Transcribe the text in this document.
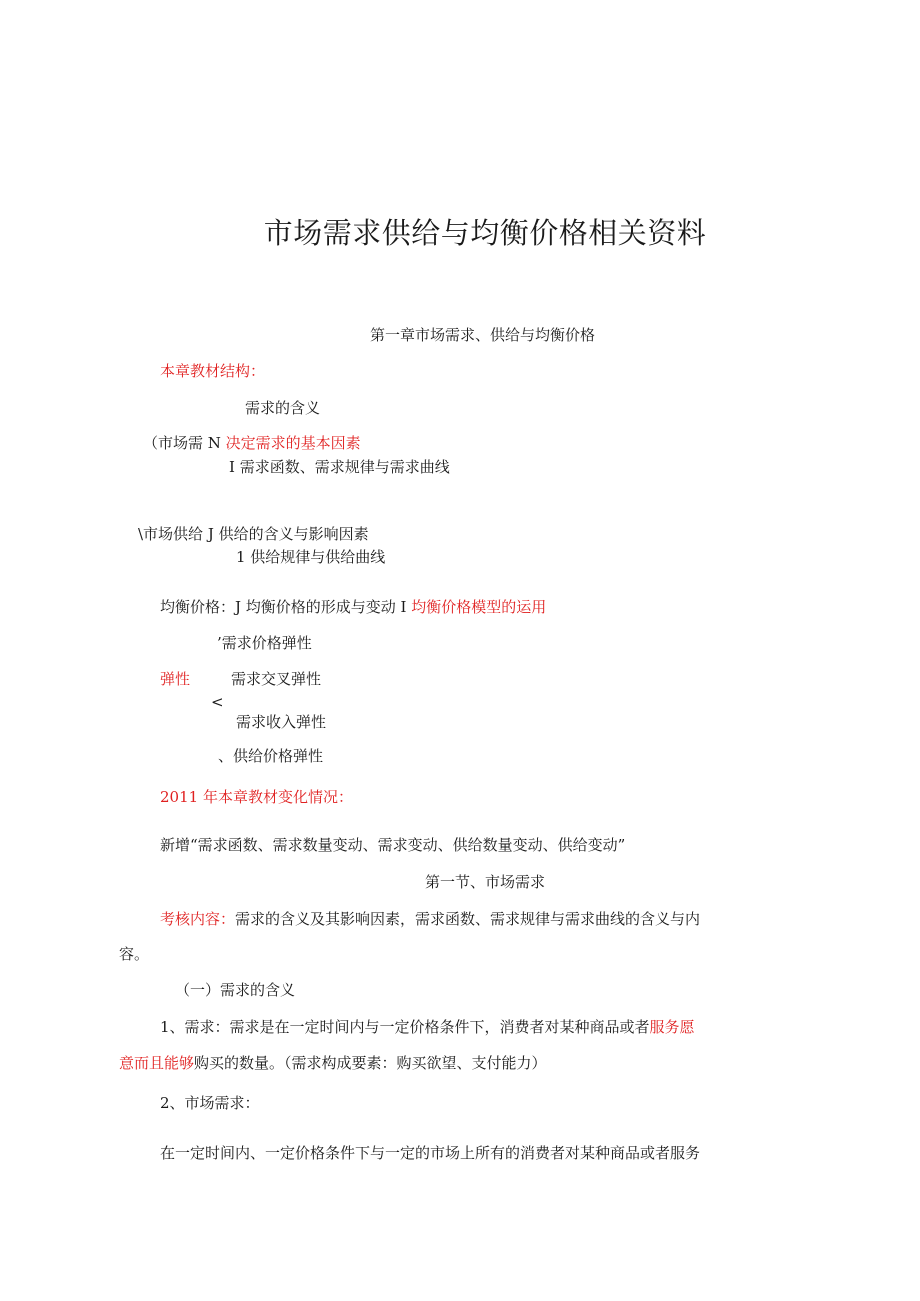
市场需求供给与均衡价格相关资料
第一章市场需求、供给与均衡价格
本章教材结构：
需求的含义
（市场需 N 决定需求的基本因素
I 需求函数、需求规律与需求曲线
\市场供给 J 供给的含义与影响因素
1 供给规律与供给曲线
均衡价格：J 均衡价格的形成与变动 I 均衡价格模型的运用
’需求价格弹性
弹性	需求交叉弹性
<
需求收入弹性
、供给价格弹性
2011 年本章教材变化情况：
新增“需求函数、需求数量变动、需求变动、供给数量变动、供给变动”
第一节、市场需求
考核内容：需求的含义及其影响因素，需求函数、需求规律与需求曲线的含义与内
容。
（一）需求的含义
1、需求：需求是在一定时间内与一定价格条件下，消费者对某种商品或者服务愿
意而且能够购买的数量。（需求构成要素：购买欲望、支付能力）
2、市场需求：
在一定时间内、一定价格条件下与一定的市场上所有的消费者对某种商品或者服务
